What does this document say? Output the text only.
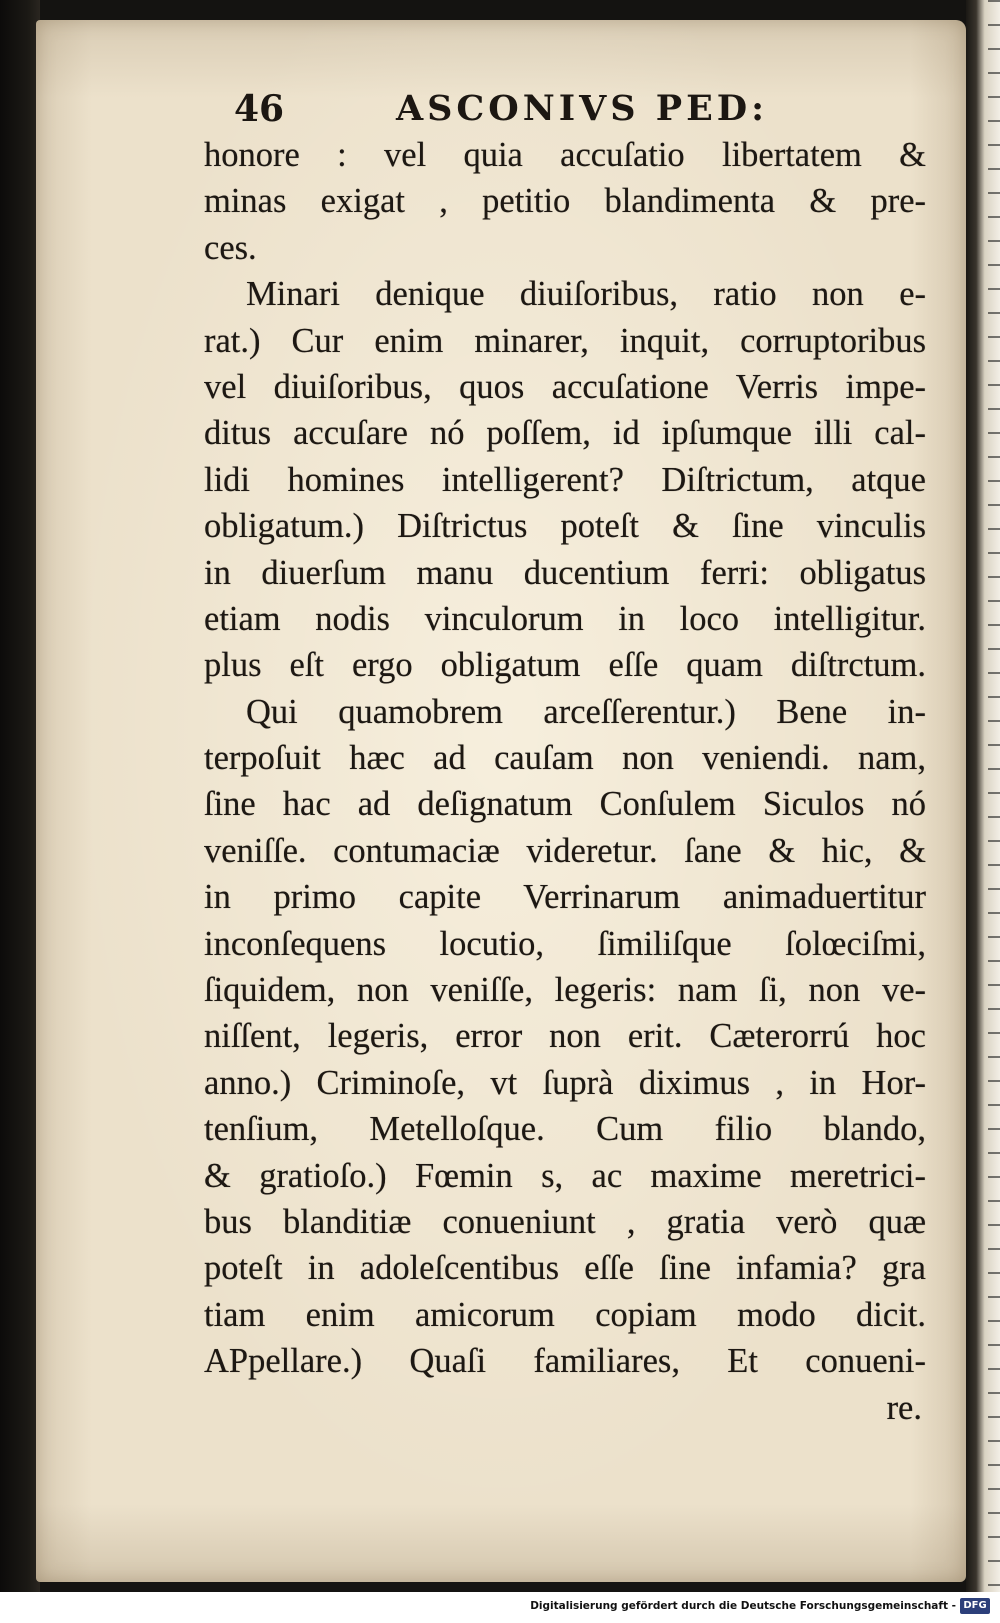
46	ASCONIVS PED:
honore : vel quia accuſatio libertatem &
minas exigat , petitio blandimenta & pre-
ces.
Minari denique diuiſoribus, ratio non e-
rat.) Cur enim minarer, inquit, corruptoribus
vel diuiſoribus, quos accuſatione Verris impe-
ditus accuſare nó poſſem, id ipſumque illi cal-
lidi homines intelligerent? Diſtrictum, atque
obligatum.) Diſtrictus poteſt & ſine vinculis
in diuerſum manu ducentium ferri: obligatus
etiam nodis vinculorum in loco intelligitur.
plus eſt ergo obligatum eſſe quam diſtrctum.
Qui quamobrem arceſſerentur.) Bene in-
terpoſuit hæc ad cauſam non veniendi. nam,
ſine hac ad deſignatum Conſulem Siculos nó
veniſſe. contumaciæ videretur. ſane & hic, &
in primo capite Verrinarum animaduertitur
inconſequens locutio, ſimiliſque ſolœciſmi,
ſiquidem, non veniſſe, legeris: nam ſi, non ve-
niſſent, legeris, error non erit. Cæterorrú hoc
anno.) Criminoſe, vt ſuprà diximus , in Hor-
tenſium, Metelloſque. Cum filio blando,
& gratioſo.) Fœmin s, ac maxime meretrici-
bus blanditiæ conueniunt , gratia verò quæ
poteſt in adoleſcentibus eſſe ſine infamia? gra
tiam enim amicorum copiam modo dicit.
APpellare.) Quaſi familiares, Et conueni-
re.
Digitalisierung gefördert durch die Deutsche Forschungsgemeinschaft - DFG
